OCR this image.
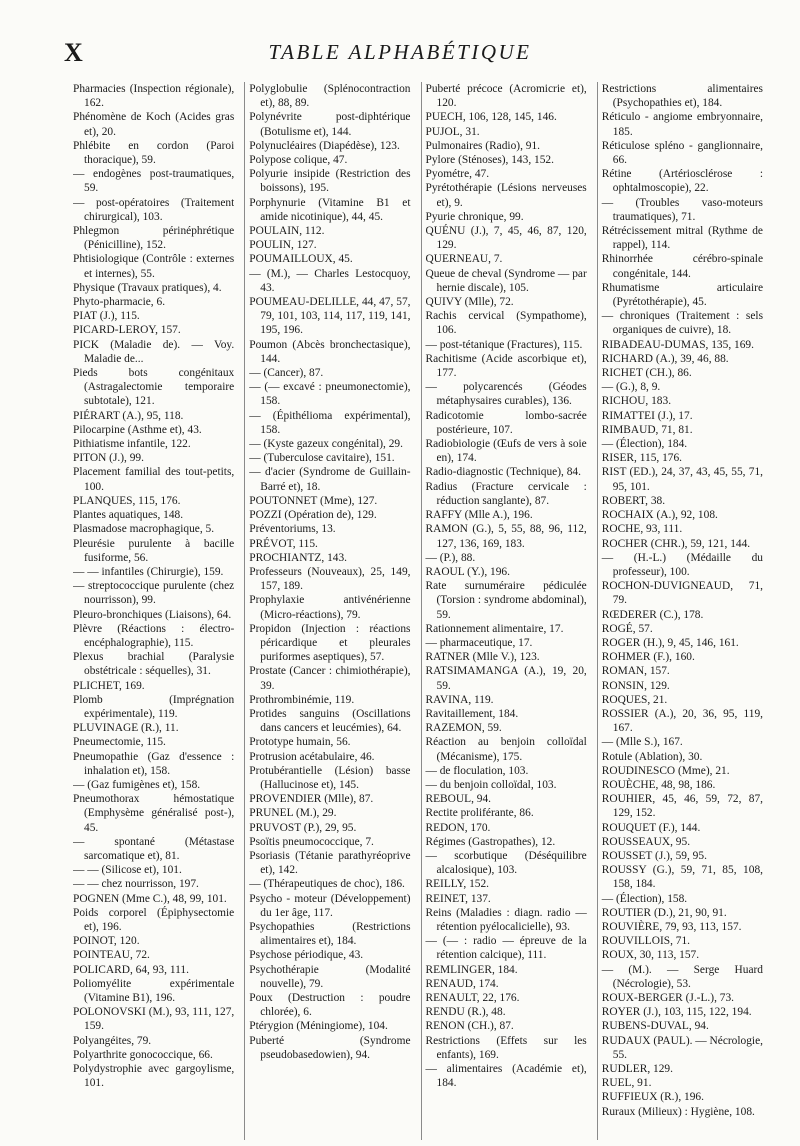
X	TABLE ALPHABÉTIQUE
Pharmacies (Inspection régionale), 162.
Phénomène de Koch (Acides gras et), 20.
Phlébite en cordon (Paroi thoracique), 59.
— endogènes post-traumatiques, 59.
— post-opératoires (Traitement chirurgical), 103.
Phlegmon périnéphrétique (Pénicilline), 152.
Phtisiologique (Contrôle : externes et internes), 55.
Physique (Travaux pratiques), 4.
Phyto-pharmacie, 6.
PIAT (J.), 115.
PICARD-LEROY, 157.
PICK (Maladie de). — Voy. Maladie de...
Pieds bots congénitaux (Astragalectomie temporaire subtotale), 121.
PIÉRART (A.), 95, 118.
Pilocarpine (Asthme et), 43.
Pithiatisme infantile, 122.
PITON (J.), 99.
Placement familial des tout-petits, 100.
PLANQUES, 115, 176.
Plantes aquatiques, 148.
Plasmadose macrophagique, 5.
Pleurésie purulente à bacille fusiforme, 56.
— — infantiles (Chirurgie), 159.
— streptococcique purulente (chez nourrisson), 99.
Pleuro-bronchiques (Liaisons), 64.
Plèvre (Réactions : électro-encéphalographie), 115.
Plexus brachial (Paralysie obstétricale : séquelles), 31.
PLICHET, 169.
Plomb (Imprégnation expérimentale), 119.
PLUVINAGE (R.), 11.
Pneumectomie, 115.
Pneumopathie (Gaz d'essence : inhalation et), 158.
— (Gaz fumigènes et), 158.
Pneumothorax hémostatique (Emphysème généralisé post-), 45.
— spontané (Métastase sarcomatique et), 81.
— — (Silicose et), 101.
— — chez nourrisson, 197.
POGNEN (Mme C.), 48, 99, 101.
Poids corporel (Épiphysectomie et), 196.
POINOT, 120.
POINTEAU, 72.
POLICARD, 64, 93, 111.
Poliomyélite expérimentale (Vitamine B1), 196.
POLONOVSKI (M.), 93, 111, 127, 159.
Polyangéites, 79.
Polyarthrite gonococcique, 66.
Polydystrophie avec gargoylisme, 101.
Polyglobulie (Splénocontraction et), 88, 89.
Polynévrite post-diphtérique (Botulisme et), 144.
Polynucléaires (Diapédèse), 123.
Polypose colique, 47.
Polyurie insipide (Restriction des boissons), 195.
Porphynurie (Vitamine B1 et amide nicotinique), 44, 45.
POULAIN, 112.
POULIN, 127.
POUMAILLOUX, 45.
— (M.), — Charles Lestocquoy, 43.
POUMEAU-DELILLE, 44, 47, 57, 79, 101, 103, 114, 117, 119, 141, 195, 196.
Poumon (Abcès bronchectasique), 144.
— (Cancer), 87.
— (— excavé : pneumonectomie), 158.
— (Épithélioma expérimental), 158.
— (Kyste gazeux congénital), 29.
— (Tuberculose cavitaire), 151.
— d'acier (Syndrome de Guillain-Barré et), 18.
POUTONNET (Mme), 127.
POZZI (Opération de), 129.
Préventoriums, 13.
PRÉVOT, 115.
PROCHIANTZ, 143.
Professeurs (Nouveaux), 25, 149, 157, 189.
Prophylaxie antivénérienne (Micro-réactions), 79.
Propidon (Injection : réactions péricardique et pleurales puriformes aseptiques), 57.
Prostate (Cancer : chimiothérapie), 39.
Prothrombinémie, 119.
Protides sanguins (Oscillations dans cancers et leucémies), 64.
Prototype humain, 56.
Protrusion acétabulaire, 46.
Protubérantielle (Lésion) basse (Hallucinose et), 145.
PROVENDIER (Mlle), 87.
PRUNEL (M.), 29.
PRUVOST (P.), 29, 95.
Psoïtis pneumococcique, 7.
Psoriasis (Tétanie parathyréoprive et), 142.
— (Thérapeutiques de choc), 186.
Psycho - moteur (Développement) du 1er âge, 117.
Psychopathies (Restrictions alimentaires et), 184.
Psychose périodique, 43.
Psychothérapie (Modalité nouvelle), 79.
Poux (Destruction : poudre chlorée), 6.
Ptérygion (Méningiome), 104.
Puberté (Syndrome pseudobasedowien), 94.
Puberté précoce (Acromicrie et), 120.
PUECH, 106, 128, 145, 146.
PUJOL, 31.
Pulmonaires (Radio), 91.
Pylore (Sténoses), 143, 152.
Pyométre, 47.
Pyrétothérapie (Lésions nerveuses et), 9.
Pyurie chronique, 99.
QUÉNU (J.), 7, 45, 46, 87, 120, 129.
QUERNEAU, 7.
Queue de cheval (Syndrome — par hernie discale), 105.
QUIVY (Mlle), 72.
Rachis cervical (Sympathome), 106.
— post-tétanique (Fractures), 115.
Rachitisme (Acide ascorbique et), 177.
— polycarencés (Géodes métaphysaires curables), 136.
Radicotomie lombo-sacrée postérieure, 107.
Radiobiologie (Œufs de vers à soie en), 174.
Radio-diagnostic (Technique), 84.
Radius (Fracture cervicale : réduction sanglante), 87.
RAFFY (Mlle A.), 196.
RAMON (G.), 5, 55, 88, 96, 112, 127, 136, 169, 183.
— (P.), 88.
RAOUL (Y.), 196.
Rate surnuméraire pédiculée (Torsion : syndrome abdominal), 59.
Rationnement alimentaire, 17.
— pharmaceutique, 17.
RATNER (Mlle V.), 123.
RATSIMAMANGA (A.), 19, 20, 59.
RAVINA, 119.
Ravitaillement, 184.
RAZEMON, 59.
Réaction au benjoin colloïdal (Mécanisme), 175.
— de floculation, 103.
— du benjoin colloïdal, 103.
REBOUL, 94.
Rectite proliférante, 86.
REDON, 170.
Régimes (Gastropathes), 12.
— scorbutique (Déséquilibre alcalosique), 103.
REILLY, 152.
REINET, 137.
Reins (Maladies : diagn. radio — rétention pyélocalicielle), 93.
— (— : radio — épreuve de la rétention calcique), 111.
REMLINGER, 184.
RENAUD, 174.
RENAULT, 22, 176.
RENDU (R.), 48.
RENON (CH.), 87.
Restrictions (Effets sur les enfants), 169.
— alimentaires (Académie et), 184.
Restrictions alimentaires (Psychopathies et), 184.
Réticulo - angiome embryonnaire, 185.
Réticulose spléno - ganglionnaire, 66.
Rétine (Artériosclérose : ophtalmoscopie), 22.
— (Troubles vaso-moteurs traumatiques), 71.
Rétrécissement mitral (Rythme de rappel), 114.
Rhinorrhée cérébro-spinale congénitale, 144.
Rhumatisme articulaire (Pyrétothérapie), 45.
— chroniques (Traitement : sels organiques de cuivre), 18.
RIBADEAU-DUMAS, 135, 169.
RICHARD (A.), 39, 46, 88.
RICHET (CH.), 86.
— (G.), 8, 9.
RICHOU, 183.
RIMATTEI (J.), 17.
RIMBAUD, 71, 81.
— (Élection), 184.
RISER, 115, 176.
RIST (ED.), 24, 37, 43, 45, 55, 71, 95, 101.
ROBERT, 38.
ROCHAIX (A.), 92, 108.
ROCHE, 93, 111.
ROCHER (CHR.), 59, 121, 144.
— (H.-L.) (Médaille du professeur), 100.
ROCHON-DUVIGNEAUD, 71, 79.
RŒDERER (C.), 178.
ROGÉ, 57.
ROGER (H.), 9, 45, 146, 161.
ROHMER (F.), 160.
ROMAN, 157.
RONSIN, 129.
ROQUES, 21.
ROSSIER (A.), 20, 36, 95, 119, 167.
— (Mlle S.), 167.
Rotule (Ablation), 30.
ROUDINESCO (Mme), 21.
ROUÈCHE, 48, 98, 186.
ROUHIER, 45, 46, 59, 72, 87, 129, 152.
ROUQUET (F.), 144.
ROUSSEAUX, 95.
ROUSSET (J.), 59, 95.
ROUSSY (G.), 59, 71, 85, 108, 158, 184.
— (Élection), 158.
ROUTIER (D.), 21, 90, 91.
ROUVIÈRE, 79, 93, 113, 157.
ROUVILLOIS, 71.
ROUX, 30, 113, 157.
— (M.). — Serge Huard (Nécrologie), 53.
ROUX-BERGER (J.-L.), 73.
ROYER (J.), 103, 115, 122, 194.
RUBENS-DUVAL, 94.
RUDAUX (PAUL). — Nécrologie, 55.
RUDLER, 129.
RUEL, 91.
RUFFIEUX (R.), 196.
Ruraux (Milieux) : Hygiène, 108.
